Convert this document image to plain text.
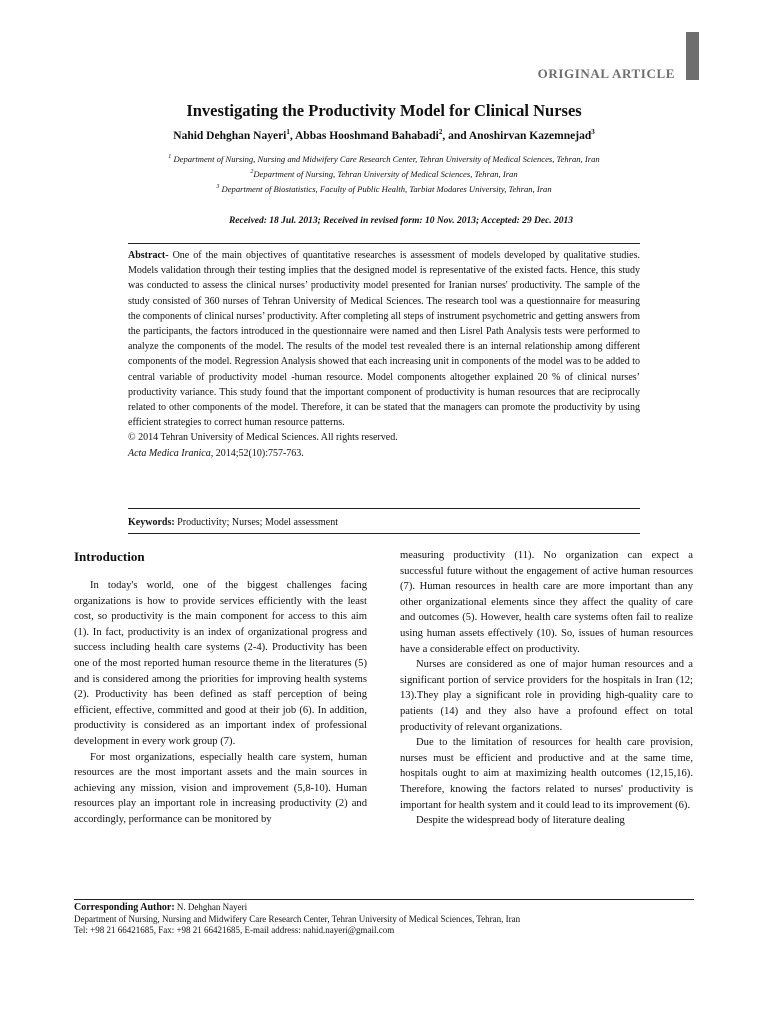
ORIGINAL ARTICLE
Investigating the Productivity Model for Clinical Nurses
Nahid Dehghan Nayeri$^1$, Abbas Hooshmand Bahabadi$^2$, and Anoshirvan Kazemnejad$^3$
$^1$ Department of Nursing, Nursing and Midwifery Care Research Center, Tehran University of Medical Sciences, Tehran, Iran
$^2$Department of Nursing, Tehran University of Medical Sciences, Tehran, Iran
$^3$ Department of Biostatistics, Faculty of Public Health, Tarbiat Modares University, Tehran, Iran
Received: 18 Jul. 2013; Received in revised form: 10 Nov. 2013; Accepted: 29 Dec. 2013

Abstract- One of the main objectives of quantitative researches is assessment of models developed by qualitative studies. Models validation through their testing implies that the designed model is representative of the existed facts. Hence, this study was conducted to assess the clinical nurses’ productivity model presented for Iranian nurses' productivity. The sample of the study consisted of 360 nurses of Tehran University of Medical Sciences. The research tool was a questionnaire for measuring the components of clinical nurses’ productivity. After completing all steps of instrument psychometric and getting answers from the participants, the factors introduced in the questionnaire were named and then Lisrel Path Analysis tests were performed to analyze the components of the model. The results of the model test revealed there is an internal relationship among different components of the model. Regression Analysis showed that each increasing unit in components of the model was to be added to central variable of productivity model -human resource. Model components altogether explained 20 % of clinical nurses’ productivity variance. This study found that the important component of productivity is human resources that are reciprocally related to other components of the model. Therefore, it can be stated that the managers can promote the productivity by using efficient strategies to correct human resource patterns.

© 2014 Tehran University of Medical Sciences. All rights reserved.

Acta Medica Iranica, 2014;52(10):757-763.

Keywords: Productivity; Nurses; Model assessment
Introduction

In today's world, one of the biggest challenges facing organizations is how to provide services efficiently with the least cost, so productivity is the main component for access to this aim (1). In fact, productivity is an index of organizational progress and success including health care systems (2-4). Productivity has been one of the most reported human resource theme in the literatures (5) and is considered among the priorities for improving health systems (2). Productivity has been defined as staff perception of being efficient, effective, committed and good at their job (6). In addition, productivity is considered as an important index of professional development in every work group (7).

For most organizations, especially health care system, human resources are the most important assets and the main sources in achieving any mission, vision and improvement (5,8-10). Human resources play an important role in increasing productivity (2) and accordingly, performance can be monitored by

measuring productivity (11). No organization can expect a successful future without the engagement of active human resources (7). Human resources in health care are more important than any other organizational elements since they affect the quality of care and outcomes (5). However, health care systems often fail to realize using human assets effectively (10). So, issues of human resources have a considerable effect on productivity.

Nurses are considered as one of major human resources and a significant portion of service providers for the hospitals in Iran (12; 13).They play a significant role in providing high-quality care to patients (14) and they also have a profound effect on total productivity of relevant organizations.

Due to the limitation of resources for health care provision, nurses must be efficient and productive and at the same time, hospitals ought to aim at maximizing health outcomes (12,15,16). Therefore, knowing the factors related to nurses' productivity is important for health system and it could lead to its improvement (6).

Despite the widespread body of literature dealing

Corresponding Author: N. Dehghan Nayeri
Department of Nursing, Nursing and Midwifery Care Research Center, Tehran University of Medical Sciences, Tehran, Iran
Tel: +98 21 66421685, Fax: +98 21 66421685, E-mail address: nahid.nayeri@gmail.com
